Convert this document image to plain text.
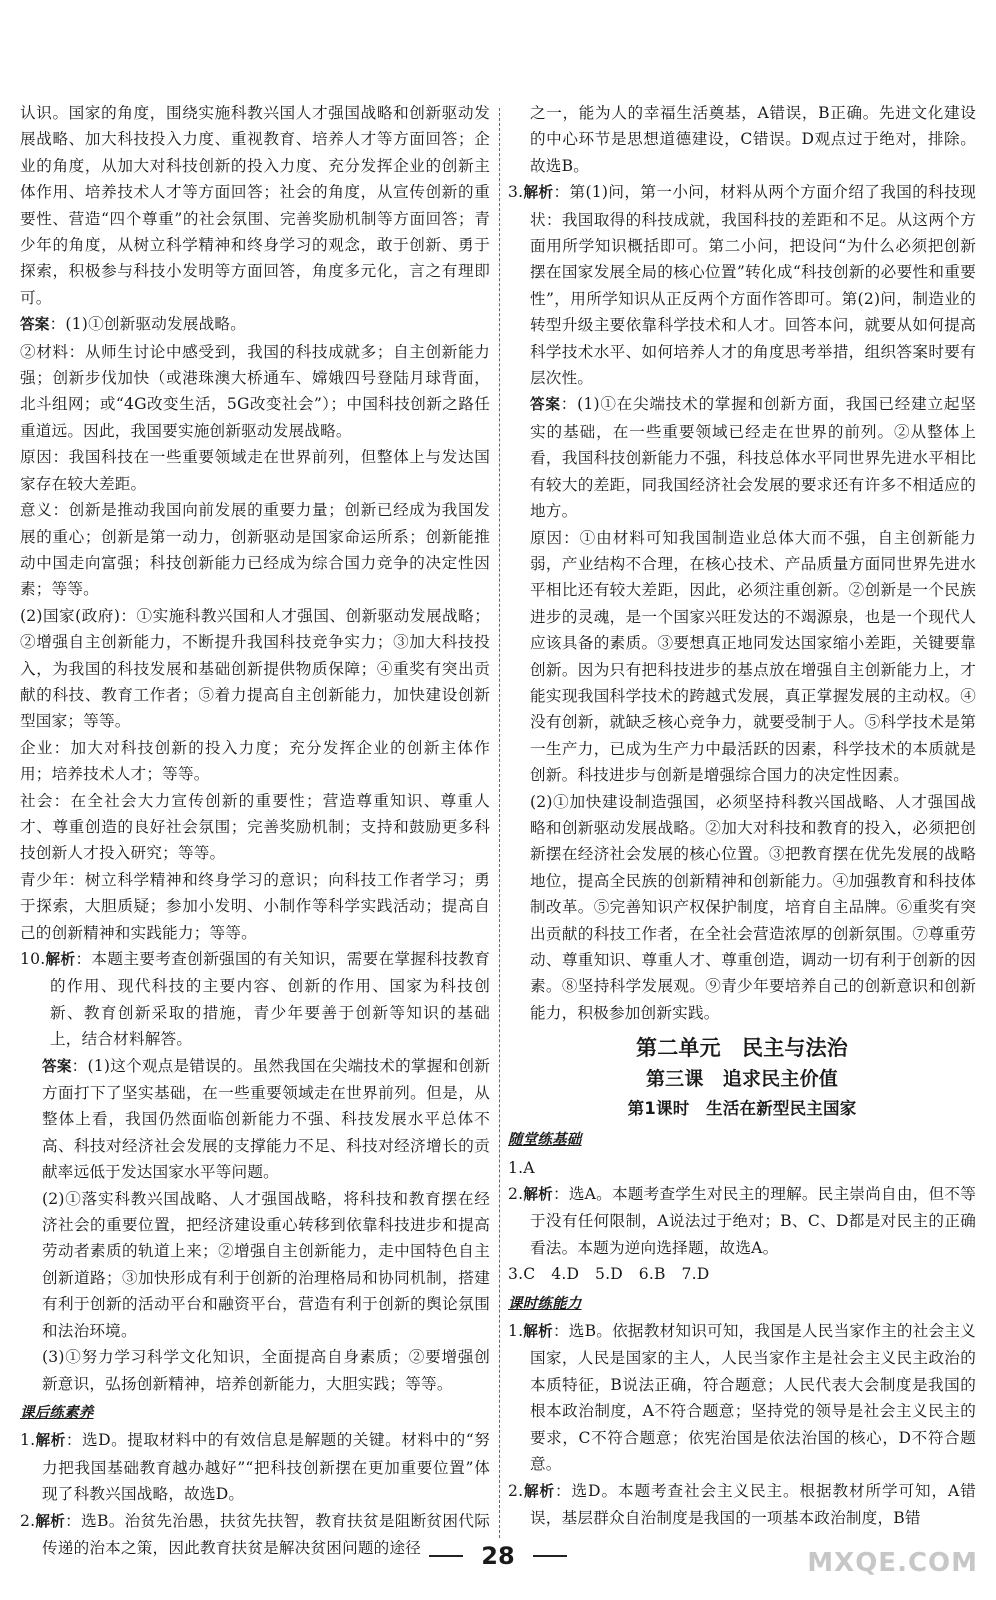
认识。国家的角度，围绕实施科教兴国人才强国战略和创新驱动发展战略、加大科技投入力度、重视教育、培养人才等方面回答；企业的角度，从加大对科技创新的投入力度、充分发挥企业的创新主体作用、培养技术人才等方面回答；社会的角度，从宣传创新的重要性、营造“四个尊重”的社会氛围、完善奖励机制等方面回答；青少年的角度，从树立科学精神和终身学习的观念，敢于创新、勇于探索，积极参与科技小发明等方面回答，角度多元化，言之有理即可。

答案：(1)①创新驱动发展战略。

②材料：从师生讨论中感受到，我国的科技成就多；自主创新能力强；创新步伐加快（或港珠澳大桥通车、嫦娥四号登陆月球背面，北斗组网；或“4G改变生活，5G改变社会”）；中国科技创新之路任重道远。因此，我国要实施创新驱动发展战略。

原因：我国科技在一些重要领域走在世界前列，但整体上与发达国家存在较大差距。

意义：创新是推动我国向前发展的重要力量；创新已经成为我国发展的重心；创新是第一动力，创新驱动是国家命运所系；创新能推动中国走向富强；科技创新能力已经成为综合国力竞争的决定性因素；等等。

(2)国家(政府)：①实施科教兴国和人才强国、创新驱动发展战略；②增强自主创新能力，不断提升我国科技竞争实力；③加大科技投入，为我国的科技发展和基础创新提供物质保障；④重奖有突出贡献的科技、教育工作者；⑤着力提高自主创新能力，加快建设创新型国家；等等。

企业：加大对科技创新的投入力度；充分发挥企业的创新主体作用；培养技术人才；等等。

社会：在全社会大力宣传创新的重要性；营造尊重知识、尊重人才、尊重创造的良好社会氛围；完善奖励机制；支持和鼓励更多科技创新人才投入研究；等等。

青少年：树立科学精神和终身学习的意识；向科技工作者学习；勇于探索，大胆质疑；参加小发明、小制作等科学实践活动；提高自己的创新精神和实践能力；等等。

10.解析：本题主要考查创新强国的有关知识，需要在掌握科技教育的作用、现代科技的主要内容、创新的作用、国家为科技创新、教育创新采取的措施，青少年要善于创新等知识的基础上，结合材料解答。

答案：(1)这个观点是错误的。虽然我国在尖端技术的掌握和创新方面打下了坚实基础，在一些重要领域走在世界前列。但是，从整体上看，我国仍然面临创新能力不强、科技发展水平总体不高、科技对经济社会发展的支撑能力不足、科技对经济增长的贡献率远低于发达国家水平等问题。

(2)①落实科教兴国战略、人才强国战略，将科技和教育摆在经济社会的重要位置，把经济建设重心转移到依靠科技进步和提高劳动者素质的轨道上来；②增强自主创新能力，走中国特色自主创新道路；③加快形成有利于创新的治理格局和协同机制，搭建有利于创新的活动平台和融资平台，营造有利于创新的舆论氛围和法治环境。

(3)①努力学习科学文化知识，全面提高自身素质；②要增强创新意识，弘扬创新精神，培养创新能力，大胆实践；等等。

课后练素养

1.解析：选D。提取材料中的有效信息是解题的关键。材料中的“努力把我国基础教育越办越好”“把科技创新摆在更加重要位置”体现了科教兴国战略，故选D。

2.解析：选B。治贫先治愚，扶贫先扶智，教育扶贫是阻断贫困代际传递的治本之策，因此教育扶贫是解决贫困问题的途径

之一，能为人的幸福生活奠基，A错误，B正确。先进文化建设的中心环节是思想道德建设，C错误。D观点过于绝对，排除。故选B。

3.解析：第(1)问，第一小问，材料从两个方面介绍了我国的科技现状：我国取得的科技成就，我国科技的差距和不足。从这两个方面用所学知识概括即可。第二小问，把设问“为什么必须把创新摆在国家发展全局的核心位置”转化成“科技创新的必要性和重要性”，用所学知识从正反两个方面作答即可。第(2)问，制造业的转型升级主要依靠科学技术和人才。回答本问，就要从如何提高科学技术水平、如何培养人才的角度思考举措，组织答案时要有层次性。

答案：(1)①在尖端技术的掌握和创新方面，我国已经建立起坚实的基础，在一些重要领域已经走在世界的前列。②从整体上看，我国科技创新能力不强，科技总体水平同世界先进水平相比有较大的差距，同我国经济社会发展的要求还有许多不相适应的地方。

原因：①由材料可知我国制造业总体大而不强，自主创新能力弱，产业结构不合理，在核心技术、产品质量方面同世界先进水平相比还有较大差距，因此，必须注重创新。②创新是一个民族进步的灵魂，是一个国家兴旺发达的不竭源泉，也是一个现代人应该具备的素质。③要想真正地同发达国家缩小差距，关键要靠创新。因为只有把科技进步的基点放在增强自主创新能力上，才能实现我国科学技术的跨越式发展，真正掌握发展的主动权。④没有创新，就缺乏核心竞争力，就要受制于人。⑤科学技术是第一生产力，已成为生产力中最活跃的因素，科学技术的本质就是创新。科技进步与创新是增强综合国力的决定性因素。

(2)①加快建设制造强国，必须坚持科教兴国战略、人才强国战略和创新驱动发展战略。②加大对科技和教育的投入，必须把创新摆在经济社会发展的核心位置。③把教育摆在优先发展的战略地位，提高全民族的创新精神和创新能力。④加强教育和科技体制改革。⑤完善知识产权保护制度，培育自主品牌。⑥重奖有突出贡献的科技工作者，在全社会营造浓厚的创新氛围。⑦尊重劳动、尊重知识、尊重人才、尊重创造，调动一切有利于创新的因素。⑧坚持科学发展观。⑨青少年要培养自己的创新意识和创新能力，积极参加创新实践。

第二单元　民主与法治
第三课　追求民主价值
第1课时　生活在新型民主国家
随堂练基础

1.A

2.解析：选A。本题考查学生对民主的理解。民主崇尚自由，但不等于没有任何限制，A说法过于绝对；B、C、D都是对民主的正确看法。本题为逆向选择题，故选A。

3.C　4.D　5.D　6.B　7.D

课时练能力

1.解析：选B。依据教材知识可知，我国是人民当家作主的社会主义国家，人民是国家的主人，人民当家作主是社会主义民主政治的本质特征，B说法正确，符合题意；人民代表大会制度是我国的根本政治制度，A不符合题意；坚持党的领导是社会主义民主的要求，C不符合题意；依宪治国是依法治国的核心，D不符合题意。

2.解析：选D。本题考查社会主义民主。根据教材所学可知，A错误，基层群众自治制度是我国的一项基本政治制度，B错

28	MXQE.COM
